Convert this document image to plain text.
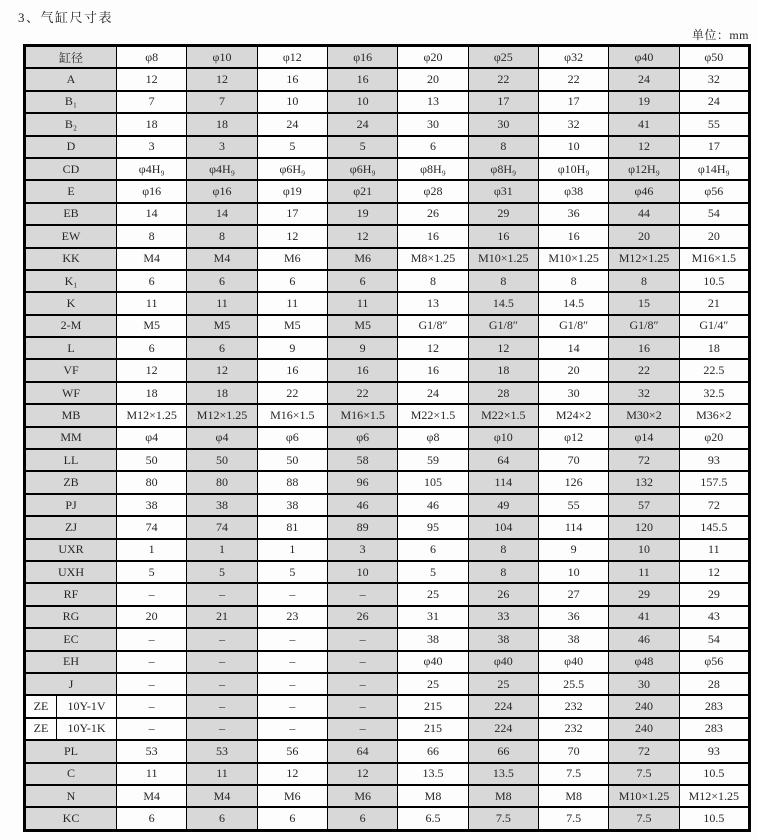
3、气缸尺寸表
单位：mm
缸径		φ8	φ10	φ12	φ16	φ20	φ25	φ32	φ40	φ50
A		12	12	16	16	20	22	22	24	32
B₁		7	7	10	10	13	17	17	19	24
B₂		18	18	24	24	30	30	32	41	55
D		3	3	5	5	6	8	10	12	17
CD		φ4H₉	φ4H₉	φ6H₉	φ6H₉	φ8H₉	φ8H₉	φ10H₉	φ12H₉	φ14H₉
E		φ16	φ16	φ19	φ21	φ28	φ31	φ38	φ46	φ56
EB		14	14	17	19	26	29	36	44	54
EW		8	8	12	12	16	16	16	20	20
KK		M4	M4	M6	M6	M8×1.25	M10×1.25	M10×1.25	M12×1.25	M16×1.5
K₁		6	6	6	6	8	8	8	8	10.5
K		11	11	11	11	13	14.5	14.5	15	21
2-M		M5	M5	M5	M5	G1/8″	G1/8″	G1/8″	G1/8″	G1/4″
L		6	6	9	9	12	12	14	16	18
VF		12	12	16	16	16	18	20	22	22.5
WF		18	18	22	22	24	28	30	32	32.5
MB		M12×1.25	M12×1.25	M16×1.5	M16×1.5	M22×1.5	M22×1.5	M24×2	M30×2	M36×2
MM		φ4	φ4	φ6	φ6	φ8	φ10	φ12	φ14	φ20
LL		50	50	50	58	59	64	70	72	93
ZB		80	80	88	96	105	114	126	132	157.5
PJ		38	38	38	46	46	49	55	57	72
ZJ		74	74	81	89	95	104	114	120	145.5
UXR		1	1	1	3	6	8	9	10	11
UXH		5	5	5	10	5	8	10	11	12
RF		–	–	–	–	25	26	27	29	29
RG		20	21	23	26	31	33	36	41	43
EC		–	–	–	–	38	38	38	46	54
EH		–	–	–	–	φ40	φ40	φ40	φ48	φ56
J		–	–	–	–	25	25	25.5	30	28
ZE	10Y-1V	–	–	–	–	215	224	232	240	283
ZE	10Y-1K	–	–	–	–	215	224	232	240	283
PL		53	53	56	64	66	66	70	72	93
C		11	11	12	12	13.5	13.5	7.5	7.5	10.5
N		M4	M4	M6	M6	M8	M8	M8	M10×1.25	M12×1.25
KC		6	6	6	6	6.5	7.5	7.5	7.5	10.5
